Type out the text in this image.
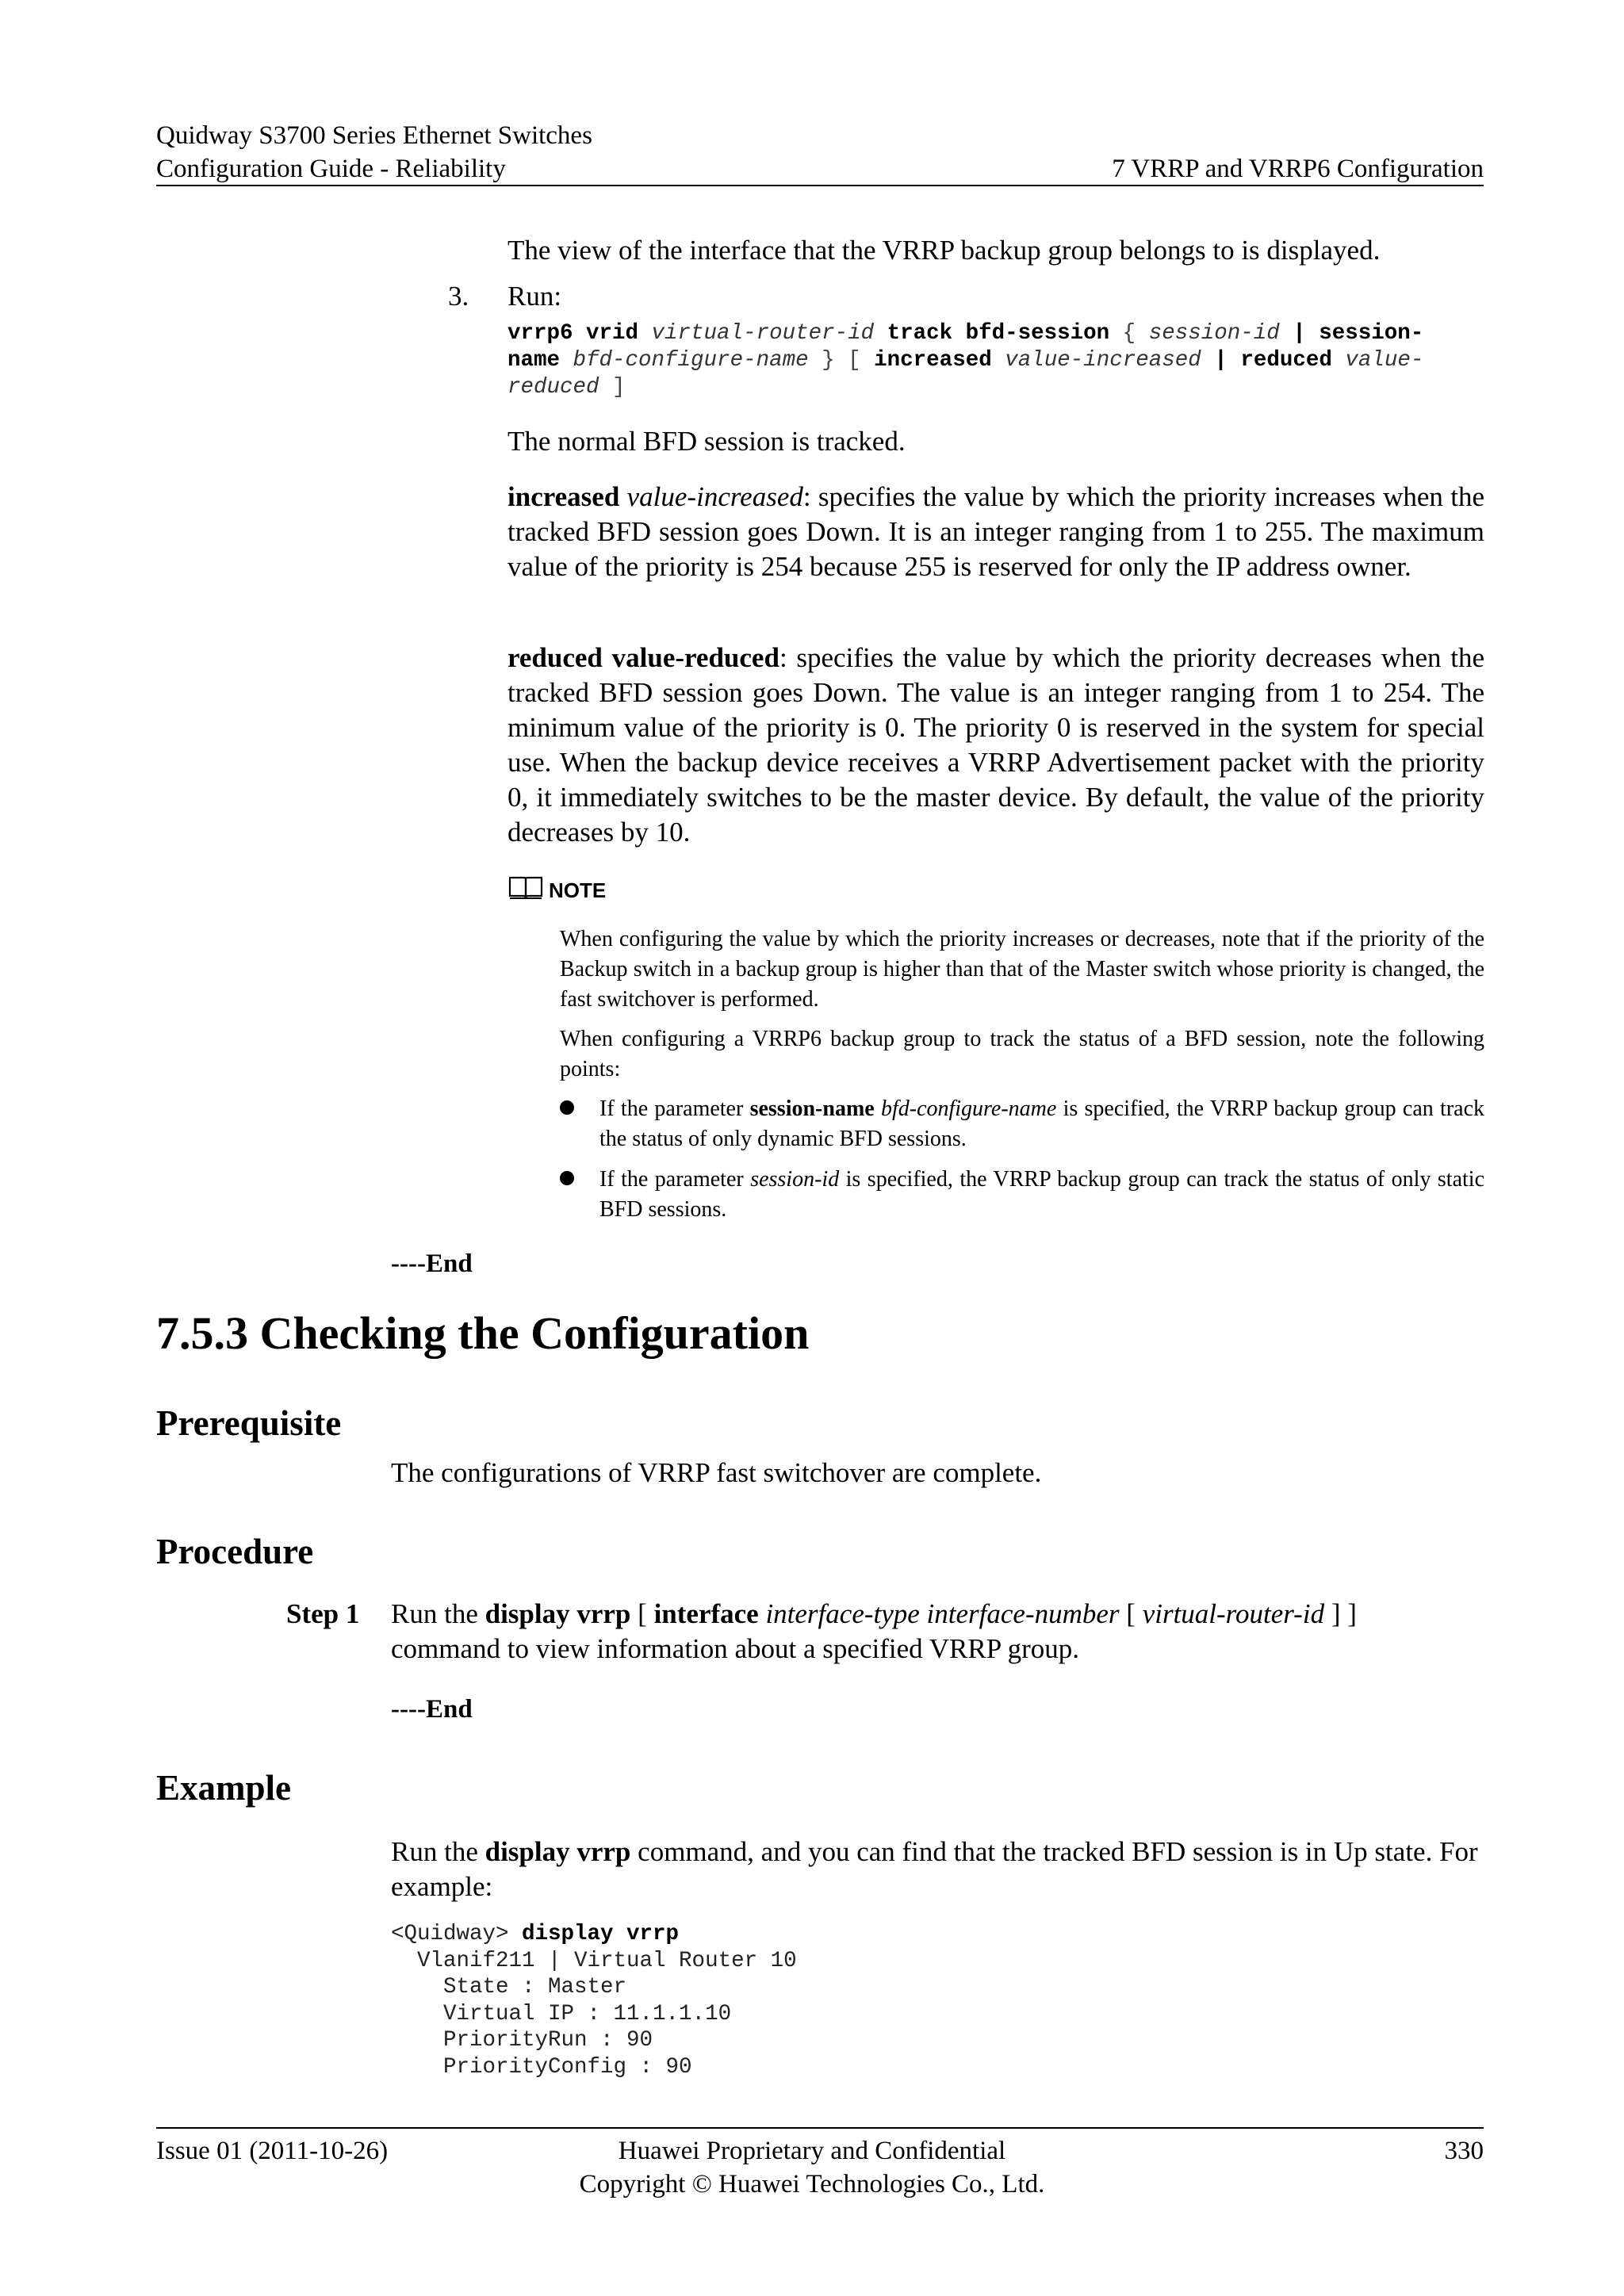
Quidway S3700 Series Ethernet Switches
Configuration Guide - Reliability	7 VRRP and VRRP6 Configuration

The view of the interface that the VRRP backup group belongs to is displayed.

3. Run:
vrrp6 vrid virtual-router-id track bfd-session { session-id | session-
name bfd-configure-name } [ increased value-increased | reduced value-
reduced ]

The normal BFD session is tracked.

increased value-increased: specifies the value by which the priority increases when the tracked BFD session goes Down. It is an integer ranging from 1 to 255. The maximum value of the priority is 254 because 255 is reserved for only the IP address owner.

reduced value-reduced: specifies the value by which the priority decreases when the tracked BFD session goes Down. The value is an integer ranging from 1 to 254. The minimum value of the priority is 0. The priority 0 is reserved in the system for special use. When the backup device receives a VRRP Advertisement packet with the priority 0, it immediately switches to be the master device. By default, the value of the priority decreases by 10.

NOTE

When configuring the value by which the priority increases or decreases, note that if the priority of the Backup switch in a backup group is higher than that of the Master switch whose priority is changed, the fast switchover is performed.

When configuring a VRRP6 backup group to track the status of a BFD session, note the following points:

If the parameter session-name bfd-configure-name is specified, the VRRP backup group can track the status of only dynamic BFD sessions.

If the parameter session-id is specified, the VRRP backup group can track the status of only static BFD sessions.

----End
7.5.3 Checking the Configuration
Prerequisite

The configurations of VRRP fast switchover are complete.

Procedure
Step 1 Run the display vrrp [ interface interface-type interface-number [ virtual-router-id ] ]

command to view information about a specified VRRP group.

----End
Example

Run the display vrrp command, and you can find that the tracked BFD session is in Up state. For example:

<Quidway> display vrrp
Vlanif211 | Virtual Router 10
State : Master
Virtual IP : 11.1.1.10
PriorityRun : 90
PriorityConfig : 90
Issue 01 (2011-10-26)	Huawei Proprietary and Confidential
Copyright © Huawei Technologies Co., Ltd.
330
